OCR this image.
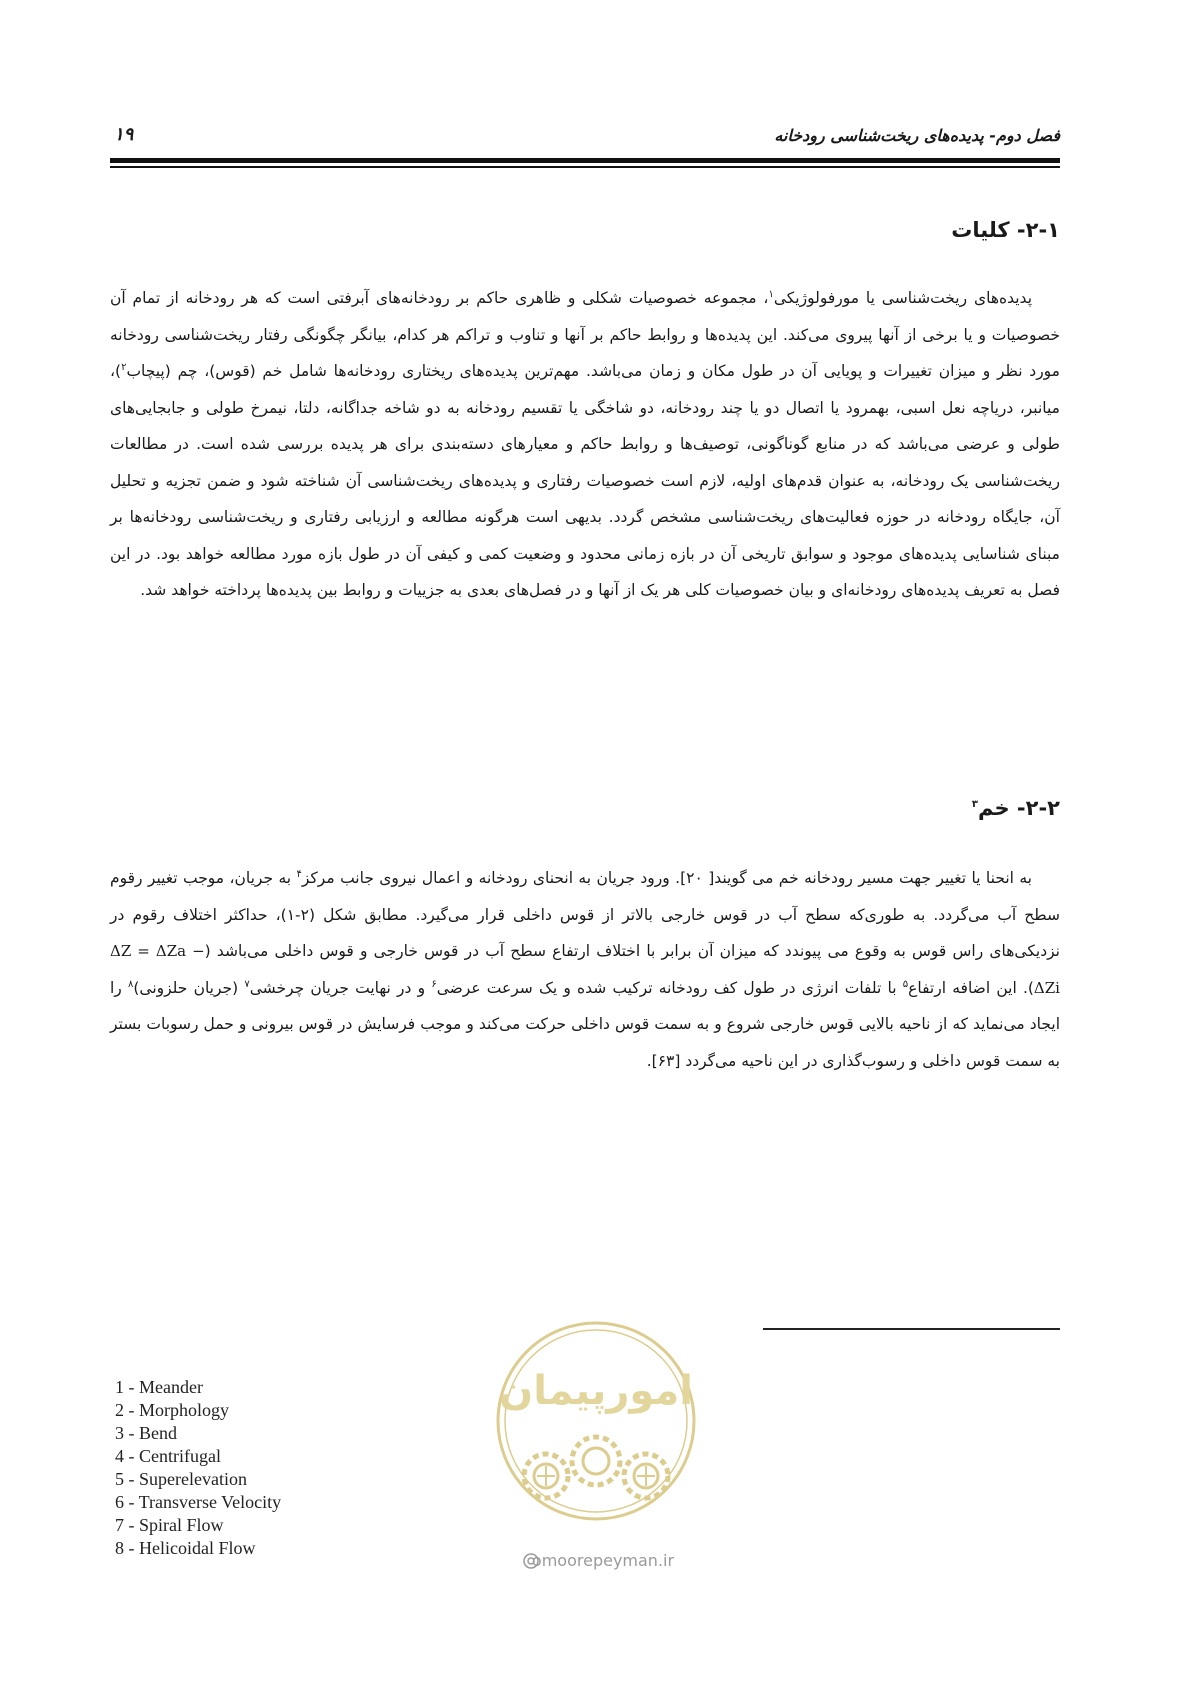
فصل دوم- پدیده‌های ریخت‌شناسی رودخانه
۱۹
۲-۱- کلیات

پدیده‌های ریخت‌شناسی یا مورفولوژیکی$^۱$، مجموعه خصوصیات شکلی و ظاهری حاکم بر رودخانه‌های آبرفتی است که هر رودخانه از تمام آن خصوصیات و یا برخی از آنها پیروی می‌کند. این پدیده‌ها و روابط حاکم بر آنها و تناوب و تراکم هر کدام، بیانگر چگونگی رفتار ریخت‌شناسی رودخانه مورد نظر و میزان تغییرات و پویایی آن در طول مکان و زمان می‌باشد. مهم‌ترین پدیده‌های ریختاری رودخانه‌ها شامل خم (قوس)، چم (پیچاب$^۲$)، میانبر، دریاچه نعل اسبی، بهمرود یا اتصال دو یا چند رودخانه، دو شاخگی یا تقسیم رودخانه به دو شاخه جداگانه، دلتا، نیمرخ طولی و جابجایی‌های طولی و عرضی می‌باشد که در منابع گوناگونی، توصیف‌ها و روابط حاکم و معیارهای دسته‌بندی برای هر پدیده بررسی شده است. در مطالعات ریخت‌شناسی یک رودخانه، به عنوان قدم‌های اولیه، لازم است خصوصیات رفتاری و پدیده‌های ریخت‌شناسی آن شناخته شود و ضمن تجزیه و تحلیل آن، جایگاه رودخانه در حوزه فعالیت‌های ریخت‌شناسی مشخص گردد. بدیهی است هرگونه مطالعه و ارزیابی رفتاری و ریخت‌شناسی رودخانه‌ها بر مبنای شناسایی پدیده‌های موجود و سوابق تاریخی آن در بازه زمانی محدود و وضعیت کمی و کیفی آن در طول بازه مورد مطالعه خواهد بود. در این فصل به تعریف پدیده‌های رودخانه‌ای و بیان خصوصیات کلی هر یک از آنها و در فصل‌های بعدی به جزییات و روابط بین پدیده‌ها پرداخته خواهد شد.

۲-۲- خم$^۳$

به انحنا یا تغییر جهت مسیر رودخانه خم می گویند[ ۲۰]. ورود جریان به انحنای رودخانه و اعمال نیروی جانب مرکز$^۴$ به جریان، موجب تغییر رقوم سطح آب می‌گردد. به طوری‌که سطح آب در قوس خارجی بالاتر از قوس داخلی قرار می‌گیرد. مطابق شکل (۲-۱)، حداکثر اختلاف رقوم در نزدیکی‌های راس قوس به وقوع می پیوندد که میزان آن برابر با اختلاف ارتفاع سطح آب در قوس خارجی و قوس داخلی می‌باشد (ΔZ = ΔZa − ΔZi). این اضافه ارتفاع$^۵$ با تلفات انرژی در طول کف رودخانه ترکیب شده و یک سرعت عرضی$^۶$ و در نهایت جریان چرخشی$^۷$ (جریان حلزونی)$^۸$ را ایجاد می‌نماید که از ناحیه بالایی قوس خارجی شروع و به سمت قوس داخلی حرکت می‌کند و موجب فرسایش در قوس بیرونی و حمل رسوبات بستر به سمت قوس داخلی و رسوب‌گذاری در این ناحیه می‌گردد [۶۳].

1 - Meander
2 - Morphology
3 - Bend
4 - Centrifugal
5 - Superelevation
6 - Transverse Velocity
7 - Spiral Flow
8 - Helicoidal Flow
امورپیمان
omoorepeyman.ir
